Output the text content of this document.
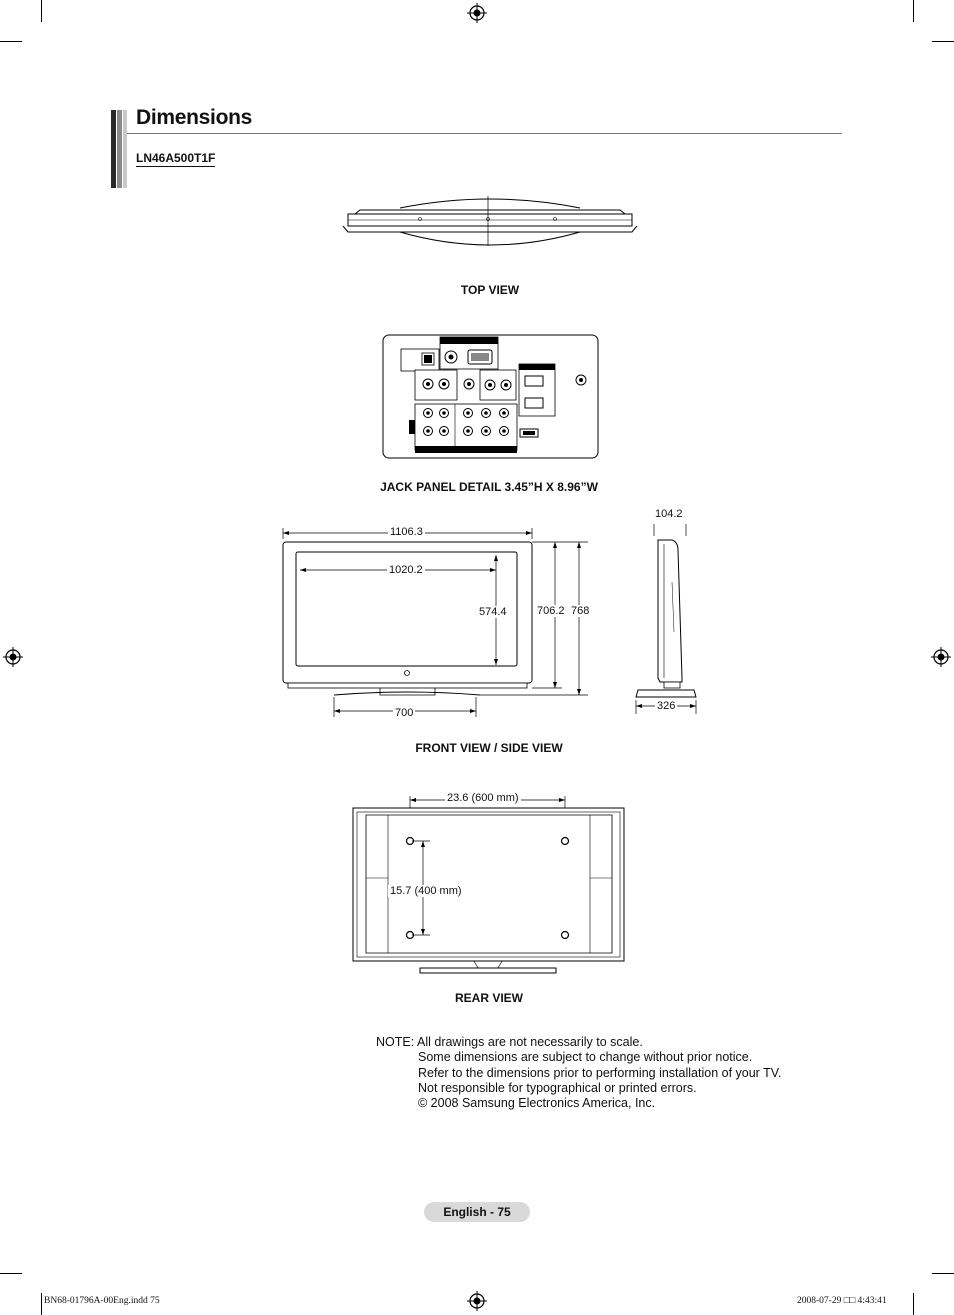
Dimensions
LN46A500T1F
TOP VIEW
JACK PANEL DETAIL 3.45”H X 8.96”W
1106.3
1020.2
574.4	706.2 768
700
104.2
326
FRONT VIEW / SIDE VIEW
23.6 (600 mm)
15.7 (400 mm)
REAR VIEW
NOTE: All drawings are not necessarily to scale.
Some dimensions are subject to change without prior notice.
Refer to the dimensions prior to performing installation of your TV.
Not responsible for typographical or printed errors.
© 2008 Samsung Electronics America, Inc.
English - 75
BN68-01796A-00Eng.indd 75	2008-07-29 □□ 4:43:41
